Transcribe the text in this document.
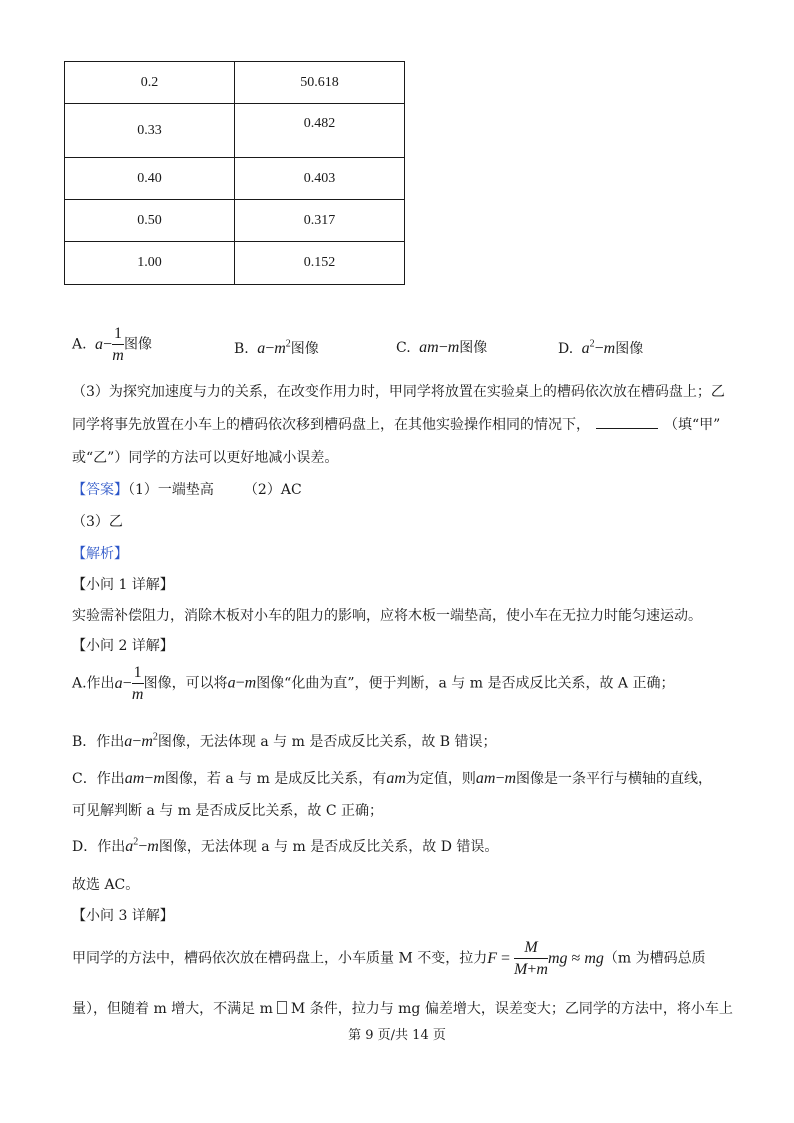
0.2	50.618
0.33	0.482
0.40	0.403
0.50	0.317
1.00	0.152
A.  $a- \frac{1}{m}$ 图像	B.  $a-m^2$图像	C.  am−m图像	D.  $a^2-m$图像
（3）为探究加速度与力的关系，在改变作用力时，甲同学将放置在实验桌上的槽码依次放在槽码盘上；乙
同学将事先放置在小车上的槽码依次移到槽码盘上，在其他实验操作相同的情况下，	（填“甲”
或“乙”）同学的方法可以更好地减小误差。
【答案】（1）一端垫高 （2）AC
（3）乙
【解析】
【小问 1 详解】
实验需补偿阻力，消除木板对小车的阻力的影响，应将木板一端垫高，使小车在无拉力时能匀速运动。
【小问 2 详解】
A.作出$a- \frac{1}{m}$ 图像，可以将a−m图像“化曲为直”，便于判断，a 与 m 是否成反比关系，故 A 正确；
B．作出$a-m^2$图像，无法体现 a 与 m 是否成反比关系，故 B 错误；
C．作出am−m图像，若 a 与 m 是成反比关系，有am为定值，则am−m图像是一条平行与横轴的直线，
可见解判断 a 与 m 是否成反比关系，故 C 正确；
D．作出$a^2-m$图像，无法体现 a 与 m 是否成反比关系，故 D 错误。
故选 AC。
【小问 3 详解】
甲同学的方法中，槽码依次放在槽码盘上，小车质量 M 不变，拉力$F = \frac{M}{M+m}$ mg ≈ mg（m 为槽码总质
量），但随着 m 增大，不满足 m M 条件，拉力与 mg 偏差增大，误差变大；乙同学的方法中，将小车上
第 9 页/共 14 页
